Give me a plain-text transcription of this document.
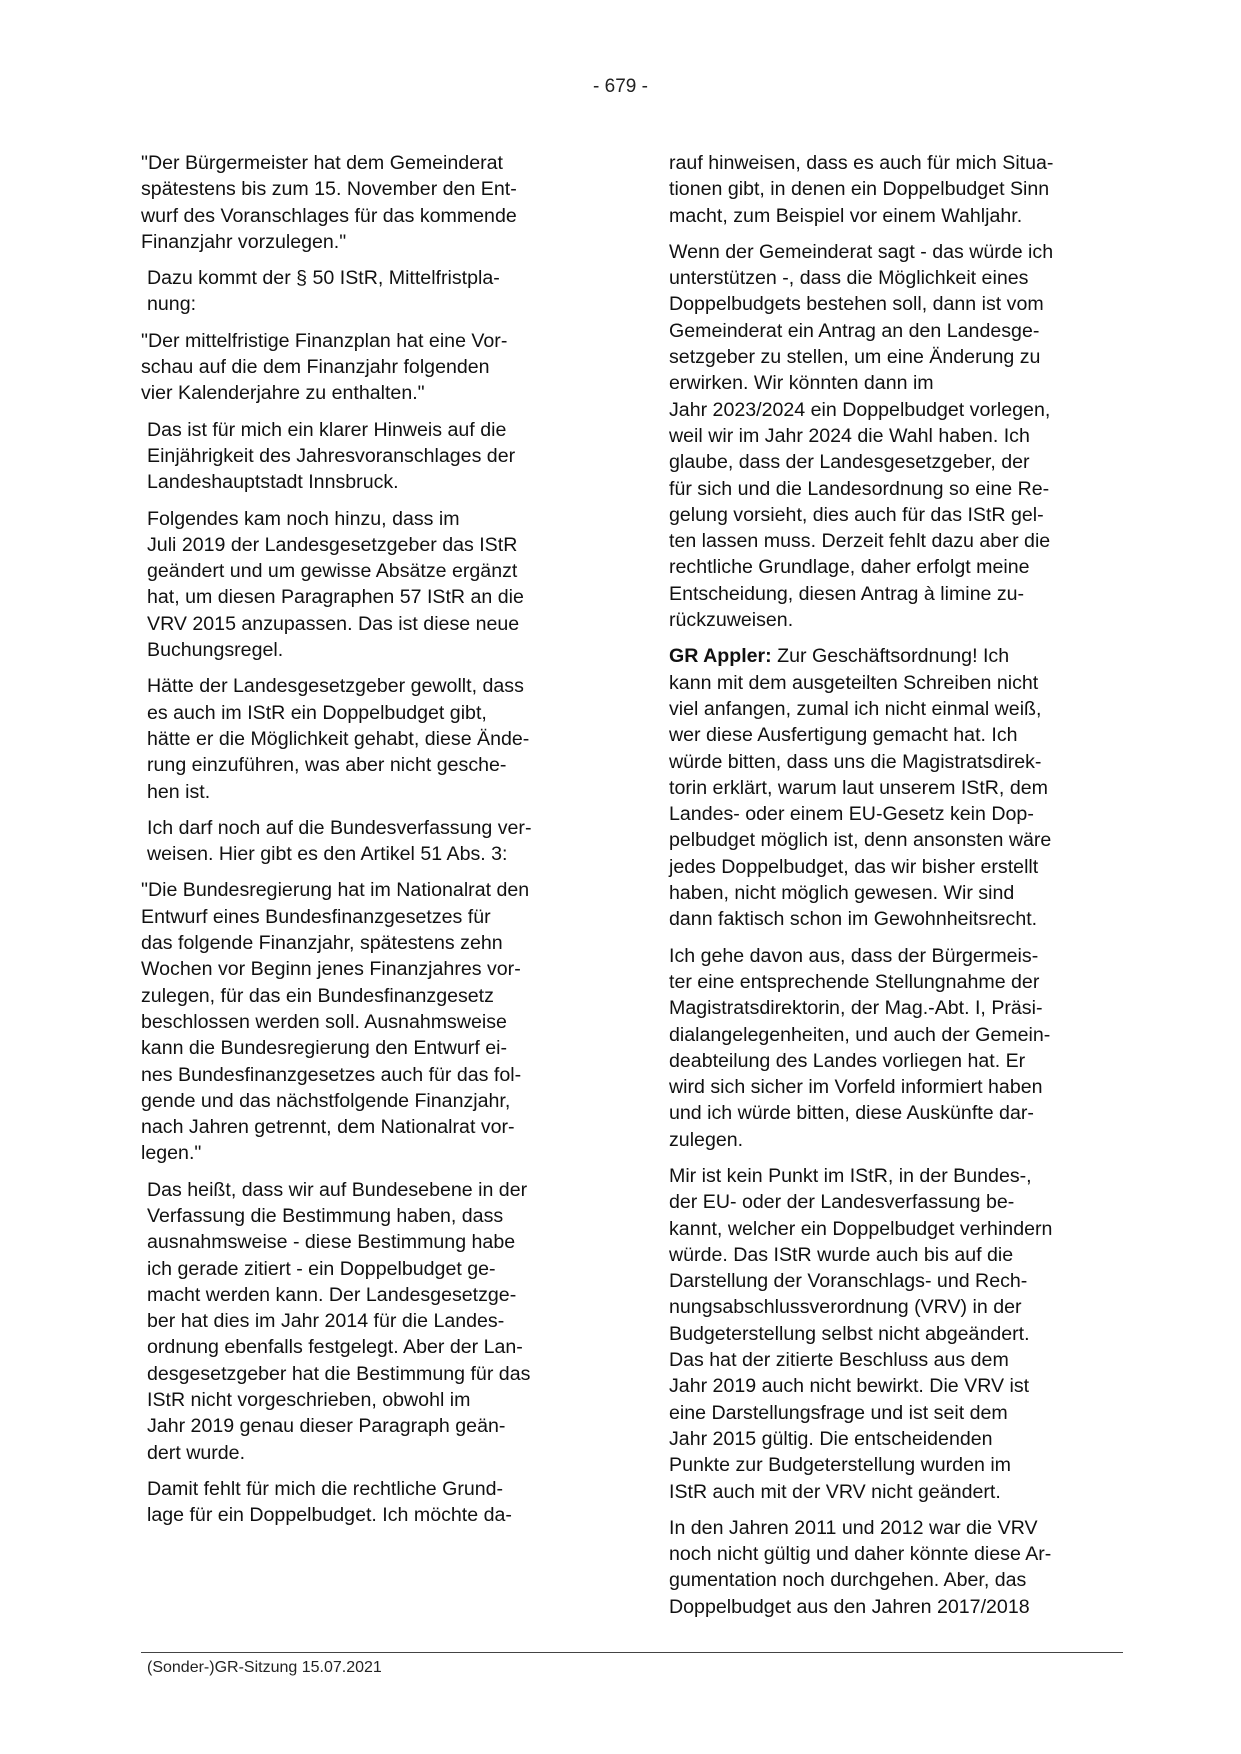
- 679 -

"Der Bürgermeister hat dem Gemeinderat
spätestens bis zum 15. November den Ent-
wurf des Voranschlages für das kommende
Finanzjahr vorzulegen."

Dazu kommt der § 50 IStR, Mittelfristpla-
nung:

"Der mittelfristige Finanzplan hat eine Vor-
schau auf die dem Finanzjahr folgenden
vier Kalenderjahre zu enthalten."

Das ist für mich ein klarer Hinweis auf die
Einjährigkeit des Jahresvoranschlages der
Landeshauptstadt Innsbruck.

Folgendes kam noch hinzu, dass im
Juli 2019 der Landesgesetzgeber das IStR
geändert und um gewisse Absätze ergänzt
hat, um diesen Paragraphen 57 IStR an die
VRV 2015 anzupassen. Das ist diese neue
Buchungsregel.

Hätte der Landesgesetzgeber gewollt, dass
es auch im IStR ein Doppelbudget gibt,
hätte er die Möglichkeit gehabt, diese Ände-
rung einzuführen, was aber nicht gesche-
hen ist.

Ich darf noch auf die Bundesverfassung ver-
weisen. Hier gibt es den Artikel 51 Abs. 3:

"Die Bundesregierung hat im Nationalrat den
Entwurf eines Bundesfinanzgesetzes für
das folgende Finanzjahr, spätestens zehn
Wochen vor Beginn jenes Finanzjahres vor-
zulegen, für das ein Bundesfinanzgesetz
beschlossen werden soll. Ausnahmsweise
kann die Bundesregierung den Entwurf ei-
nes Bundesfinanzgesetzes auch für das fol-
gende und das nächstfolgende Finanzjahr,
nach Jahren getrennt, dem Nationalrat vor-
legen."

Das heißt, dass wir auf Bundesebene in der
Verfassung die Bestimmung haben, dass
ausnahmsweise - diese Bestimmung habe
ich gerade zitiert - ein Doppelbudget ge-
macht werden kann. Der Landesgesetzge-
ber hat dies im Jahr 2014 für die Landes-
ordnung ebenfalls festgelegt. Aber der Lan-
desgesetzgeber hat die Bestimmung für das
IStR nicht vorgeschrieben, obwohl im
Jahr 2019 genau dieser Paragraph geän-
dert wurde.

Damit fehlt für mich die rechtliche Grund-
lage für ein Doppelbudget. Ich möchte da-

rauf hinweisen, dass es auch für mich Situa-
tionen gibt, in denen ein Doppelbudget Sinn
macht, zum Beispiel vor einem Wahljahr.

Wenn der Gemeinderat sagt - das würde ich
unterstützen -, dass die Möglichkeit eines
Doppelbudgets bestehen soll, dann ist vom
Gemeinderat ein Antrag an den Landesge-
setzgeber zu stellen, um eine Änderung zu
erwirken. Wir könnten dann im
Jahr 2023/2024 ein Doppelbudget vorlegen,
weil wir im Jahr 2024 die Wahl haben. Ich
glaube, dass der Landesgesetzgeber, der
für sich und die Landesordnung so eine Re-
gelung vorsieht, dies auch für das IStR gel-
ten lassen muss. Derzeit fehlt dazu aber die
rechtliche Grundlage, daher erfolgt meine
Entscheidung, diesen Antrag à limine zu-
rückzuweisen.

GR Appler: Zur Geschäftsordnung! Ich
kann mit dem ausgeteilten Schreiben nicht
viel anfangen, zumal ich nicht einmal weiß,
wer diese Ausfertigung gemacht hat. Ich
würde bitten, dass uns die Magistratsdirek-
torin erklärt, warum laut unserem IStR, dem
Landes- oder einem EU-Gesetz kein Dop-
pelbudget möglich ist, denn ansonsten wäre
jedes Doppelbudget, das wir bisher erstellt
haben, nicht möglich gewesen. Wir sind
dann faktisch schon im Gewohnheitsrecht.

Ich gehe davon aus, dass der Bürgermeis-
ter eine entsprechende Stellungnahme der
Magistratsdirektorin, der Mag.-Abt. I, Präsi-
dialangelegenheiten, und auch der Gemein-
deabteilung des Landes vorliegen hat. Er
wird sich sicher im Vorfeld informiert haben
und ich würde bitten, diese Auskünfte dar-
zulegen.

Mir ist kein Punkt im IStR, in der Bundes-,
der EU- oder der Landesverfassung be-
kannt, welcher ein Doppelbudget verhindern
würde. Das IStR wurde auch bis auf die
Darstellung der Voranschlags- und Rech-
nungsabschlussverordnung (VRV) in der
Budgeterstellung selbst nicht abgeändert.
Das hat der zitierte Beschluss aus dem
Jahr 2019 auch nicht bewirkt. Die VRV ist
eine Darstellungsfrage und ist seit dem
Jahr 2015 gültig. Die entscheidenden
Punkte zur Budgeterstellung wurden im
IStR auch mit der VRV nicht geändert.

In den Jahren 2011 und 2012 war die VRV
noch nicht gültig und daher könnte diese Ar-
gumentation noch durchgehen. Aber, das
Doppelbudget aus den Jahren 2017/2018

(Sonder-)GR-Sitzung 15.07.2021
